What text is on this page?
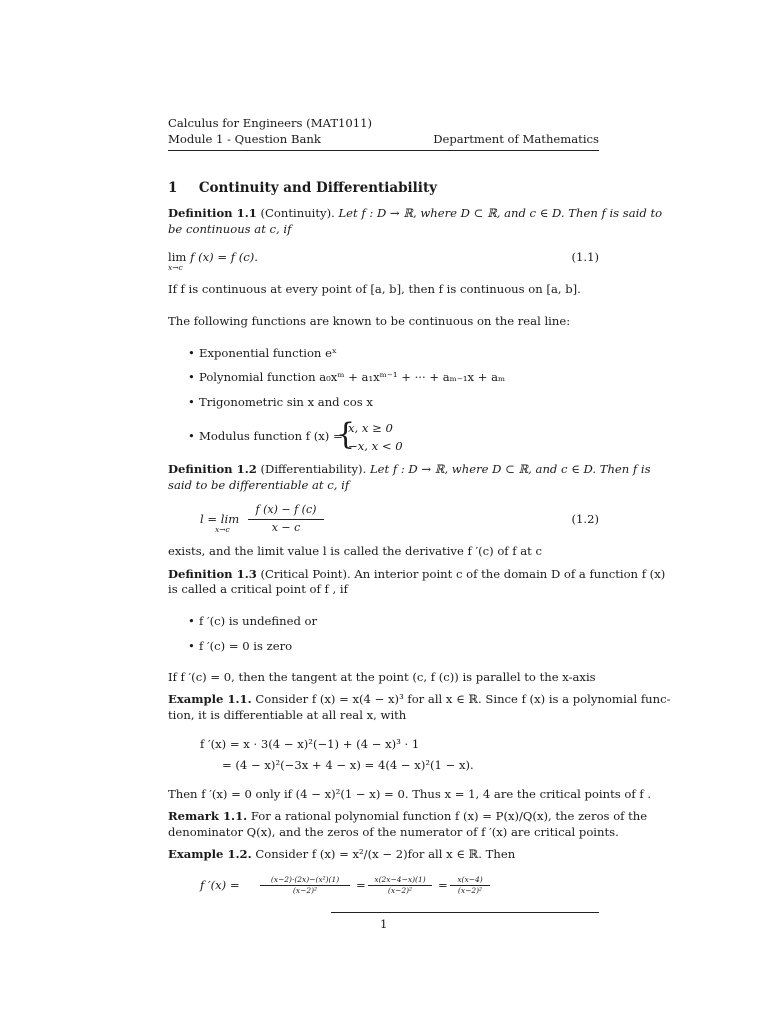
Calculus for Engineers (MAT1011)
Module 1 - Question Bank	Department of Mathematics
1 Continuity and Differentiability
Definition 1.1 (Continuity). Let f : D → ℝ, where D ⊂ ℝ, and c ∈ D. Then f is said to
be continuous at c, if
lim f (x) = f (c).
x→c
(1.1)
If f is continuous at every point of [a, b], then f is continuous on [a, b].
The following functions are known to be continuous on the real line:
• Exponential function eˣ
• Polynomial function a₀xᵐ + a₁xᵐ⁻¹ + ··· + aₘ₋₁x + aₘ
• Trigonometric sin x and cos x
• Modulus function f (x) =
{
x, x ≥ 0
−x, x < 0
Definition 1.2 (Differentiability). Let f : D → ℝ, where D ⊂ ℝ, and c ∈ D. Then f is
said to be differentiable at c, if
l = lim
x→c
f (x) − f (c)
x − c
(1.2)
exists, and the limit value l is called the derivative f ′(c) of f at c
Definition 1.3 (Critical Point). An interior point c of the domain D of a function f (x)
is called a critical point of f , if
• f ′(c) is undefined or
• f ′(c) = 0 is zero
If f ′(c) = 0, then the tangent at the point (c, f (c)) is parallel to the x-axis
Example 1.1. Consider f (x) = x(4 − x)³ for all x ∈ ℝ. Since f (x) is a polynomial func-
tion, it is differentiable at all real x, with
f ′(x) = x · 3(4 − x)²(−1) + (4 − x)³ · 1
= (4 − x)²(−3x + 4 − x) = 4(4 − x)²(1 − x).
Then f ′(x) = 0 only if (4 − x)²(1 − x) = 0. Thus x = 1, 4 are the critical points of f .
Remark 1.1. For a rational polynomial function f (x) = P(x)/Q(x), the zeros of the
denominator Q(x), and the zeros of the numerator of f ′(x) are critical points.
Example 1.2. Consider f (x) = x²/(x − 2)for all x ∈ ℝ. Then
f ′(x) =	(x−2)·(2x)−(x²)(1)
(x−2)²	=	x(2x−4−x)(1)
(x−2)²	=	x(x−4)
(x−2)²
1
